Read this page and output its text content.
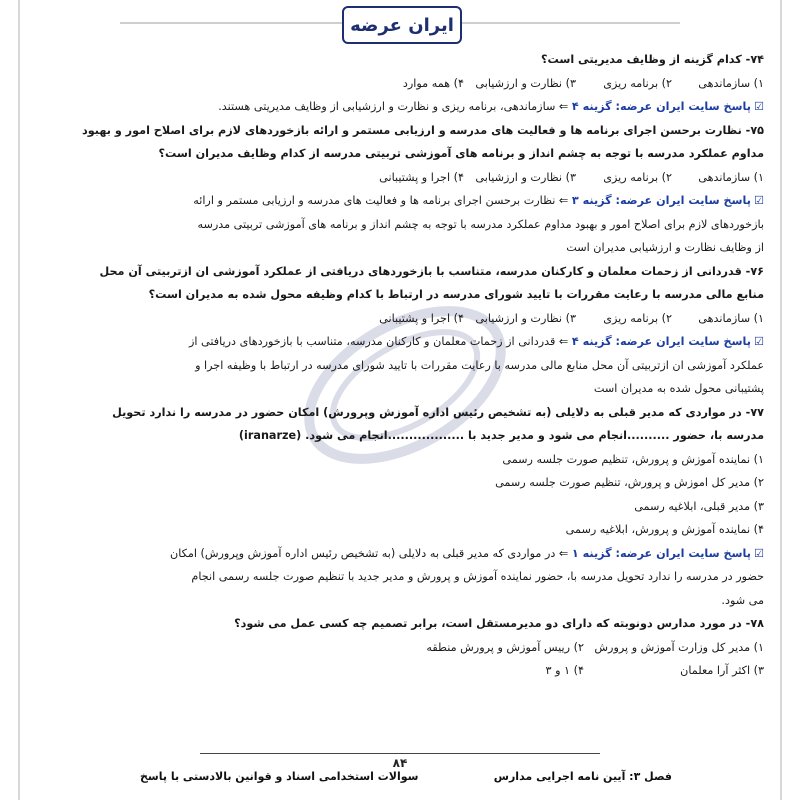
ایران عرضه

۷۴- کدام گزینه از وظایف مدیریتی است؟

۱) سازماندهی
۲) برنامه ریزی
۳) نظارت و ارزشیابی
۴) همه موارد

☑پاسخ سایت ایران عرضه: گزینه ۴ ⇐ سازماندهی، برنامه ریزی و نظارت و ارزشیابی از وظایف مدیریتی هستند.

۷۵- نظارت برحسن اجرای برنامه ها و فعالیت های مدرسه و ارزیابی مستمر و ارائه بازخوردهای لازم برای اصلاح امور و بهبود
مداوم عملکرد مدرسه با توجه به چشم انداز و برنامه های آموزشی تربیتی مدرسه از کدام وظایف مدیران است؟

۱) سازماندهی
۲) برنامه ریزی
۳) نظارت و ارزشیابی
۴) اجرا و پشتیبانی

☑پاسخ سایت ایران عرضه: گزینه ۳ ⇐ نظارت برحسن اجرای برنامه ها و فعالیت های مدرسه و ارزیابی مستمر و ارائه
بازخوردهای لازم برای اصلاح امور و بهبود مداوم عملکرد مدرسه با توجه به چشم انداز و برنامه های آموزشی تربیتی مدرسه
از وظایف نظارت و ارزشیابی مدیران است

۷۶- قدردانی از زحمات معلمان و کارکنان مدرسه، متناسب با بازخوردهای دریافتی از عملکرد آموزشی ان ازتربیتی آن محل
منابع مالی مدرسه با رعایت مقررات با تایید شورای مدرسه در ارتباط با کدام وظیفه محول شده به مدیران است؟

۱) سازماندهی
۲) برنامه ریزی
۳) نظارت و ارزشیابی
۴) اجرا و پشتیبانی

☑پاسخ سایت ایران عرضه: گزینه ۴ ⇐ قدردانی از زحمات معلمان و کارکنان مدرسه، متناسب با بازخوردهای دریافتی از
عملکرد آموزشی ان ازتربیتی آن محل منابع مالی مدرسه با رعایت مقررات با تایید شورای مدرسه در ارتباط با وظیفه اجرا و
پشتیبانی محول شده به مدیران است

۷۷- در مواردی که مدیر قبلی به دلایلی (به تشخیص رئیس اداره آموزش وپرورش) امکان حضور در مدرسه را ندارد تحویل
مدرسه با، حضور ..........انجام می شود و مدیر جدید با ..................انجام می شود. (iranarze)

۱) نماینده آموزش و پرورش، تنظیم صورت جلسه رسمی

۲) مدیر کل اموزش و پرورش، تنظیم صورت جلسه رسمی

۳) مدیر قبلی، ابلاغیه رسمی

۴) نماینده آموزش و پرورش، ابلاغیه رسمی

☑پاسخ سایت ایران عرضه: گزینه ۱ ⇐ در مواردی که مدیر قبلی به دلایلی (به تشخیص رئیس اداره آموزش وپرورش) امکان
حضور در مدرسه را ندارد تحویل مدرسه با، حضور نماینده آموزش و پرورش و مدیر جدید با تنظیم صورت جلسه رسمی انجام
می شود.

۷۸- در مورد مدارس دونوبته که دارای دو مدیرمستقل است، برابر تصمیم چه کسی عمل می شود؟

۱) مدیر کل وزارت آموزش و پرورش
۲) رییس آموزش و پرورش منطقه
۳) اکثر آرا معلمان
۴) ۱ و ۳
۸۴
فصل ۳: آیین نامه اجرایی مدارس
سوالات استخدامی اسناد و قوانین بالادستی با پاسخ
